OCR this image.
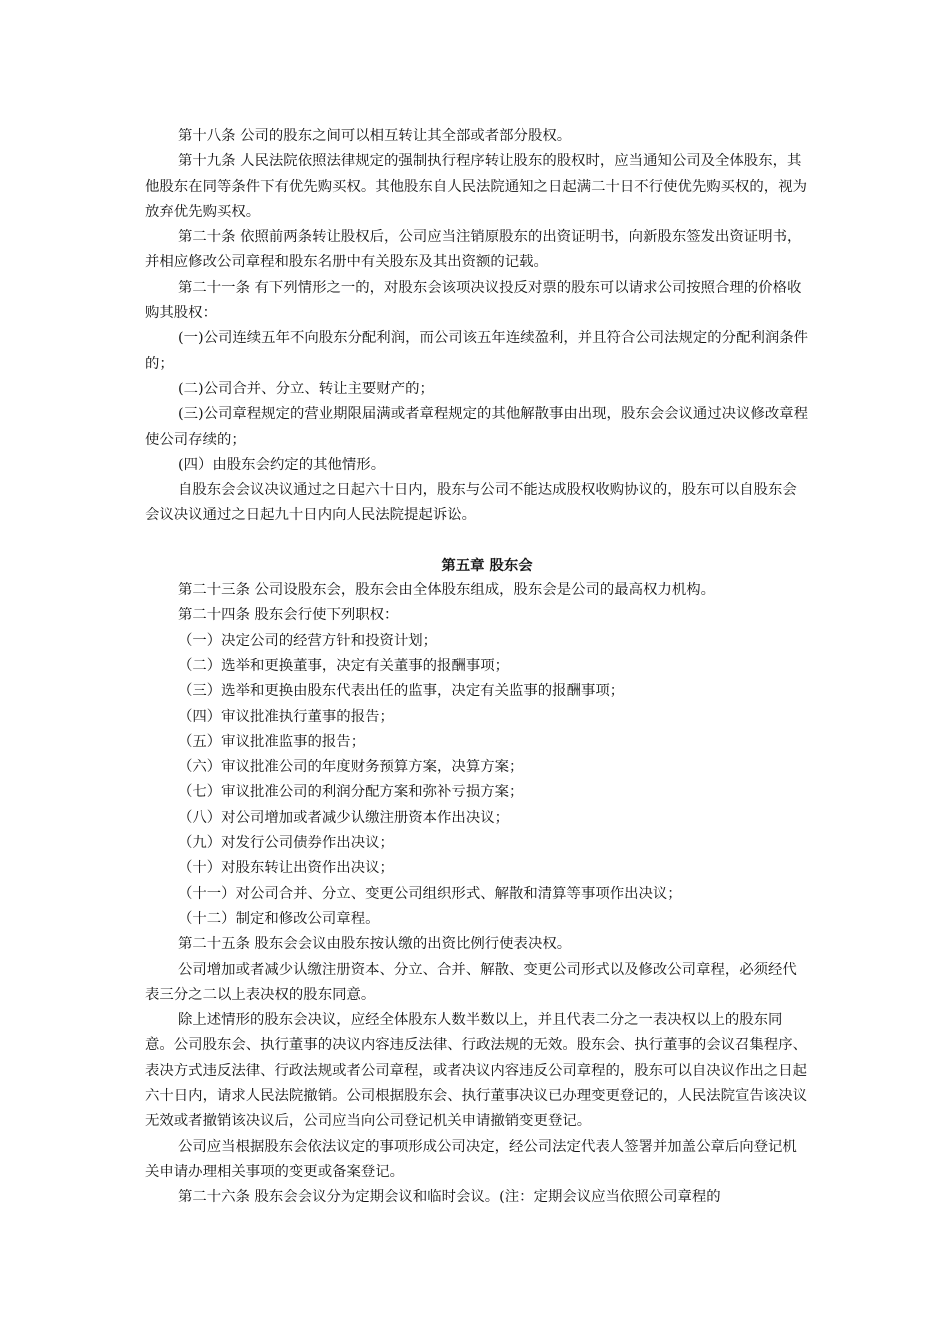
第十八条 公司的股东之间可以相互转让其全部或者部分股权。

第十九条 人民法院依照法律规定的强制执行程序转让股东的股权时，应当通知公司及全体股东，其他股东在同等条件下有优先购买权。其他股东自人民法院通知之日起满二十日不行使优先购买权的，视为放弃优先购买权。

第二十条 依照前两条转让股权后，公司应当注销原股东的出资证明书，向新股东签发出资证明书，并相应修改公司章程和股东名册中有关股东及其出资额的记载。

第二十一条 有下列情形之一的，对股东会该项决议投反对票的股东可以请求公司按照合理的价格收购其股权：

(一)公司连续五年不向股东分配利润，而公司该五年连续盈利，并且符合公司法规定的分配利润条件的；

(二)公司合并、分立、转让主要财产的；

(三)公司章程规定的营业期限届满或者章程规定的其他解散事由出现，股东会会议通过决议修改章程使公司存续的；

(四）由股东会约定的其他情形。

自股东会会议决议通过之日起六十日内，股东与公司不能达成股权收购协议的，股东可以自股东会会议决议通过之日起九十日内向人民法院提起诉讼。

第五章 股东会

第二十三条 公司设股东会，股东会由全体股东组成，股东会是公司的最高权力机构。

第二十四条 股东会行使下列职权：

（一）决定公司的经营方针和投资计划；

（二）选举和更换董事，决定有关董事的报酬事项；

（三）选举和更换由股东代表出任的监事，决定有关监事的报酬事项；

（四）审议批准执行董事的报告；

（五）审议批准监事的报告；

（六）审议批准公司的年度财务预算方案，决算方案；

（七）审议批准公司的利润分配方案和弥补亏损方案；

（八）对公司增加或者减少认缴注册资本作出决议；

（九）对发行公司债券作出决议；

（十）对股东转让出资作出决议；

（十一）对公司合并、分立、变更公司组织形式、解散和清算等事项作出决议；

（十二）制定和修改公司章程。

第二十五条 股东会会议由股东按认缴的出资比例行使表决权。

公司增加或者减少认缴注册资本、分立、合并、解散、变更公司形式以及修改公司章程，必须经代表三分之二以上表决权的股东同意。

除上述情形的股东会决议，应经全体股东人数半数以上，并且代表二分之一表决权以上的股东同意。公司股东会、执行董事的决议内容违反法律、行政法规的无效。股东会、执行董事的会议召集程序、表决方式违反法律、行政法规或者公司章程，或者决议内容违反公司章程的，股东可以自决议作出之日起六十日内，请求人民法院撤销。公司根据股东会、执行董事决议已办理变更登记的，人民法院宣告该决议无效或者撤销该决议后，公司应当向公司登记机关申请撤销变更登记。

公司应当根据股东会依法议定的事项形成公司决定，经公司法定代表人签署并加盖公章后向登记机关申请办理相关事项的变更或备案登记。

第二十六条 股东会会议分为定期会议和临时会议。(注：定期会议应当依照公司章程的
